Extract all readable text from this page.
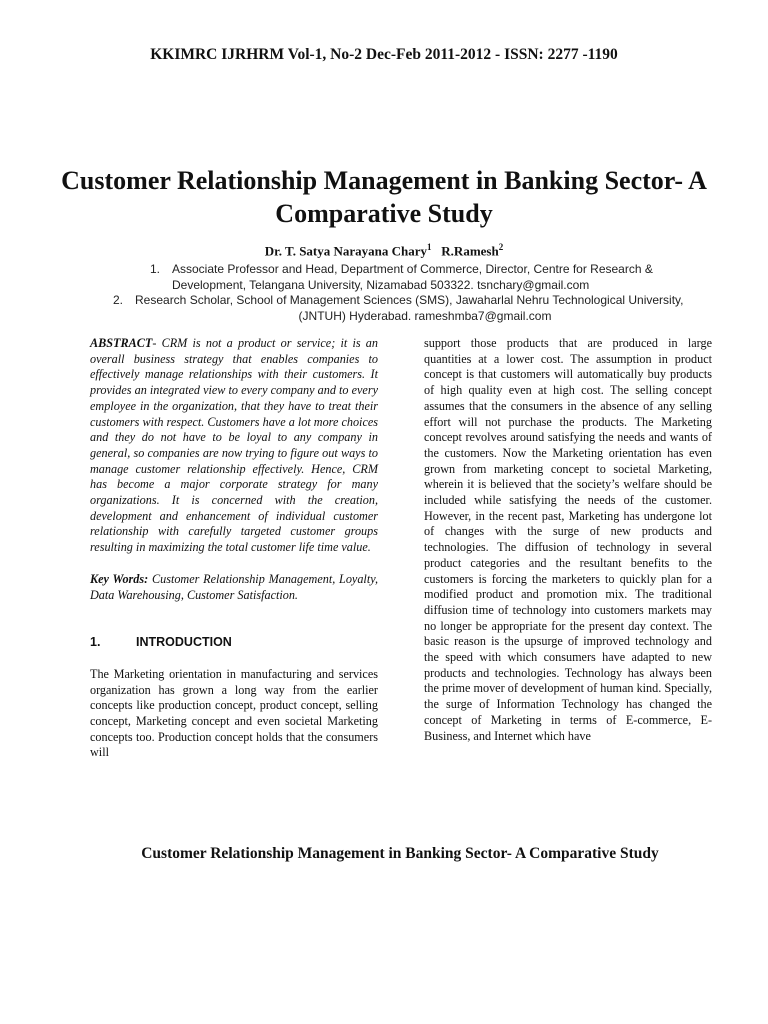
KKIMRC IJRHRM Vol-1, No-2 Dec-Feb 2011-2012 - ISSN: 2277 -1190
Customer Relationship Management in Banking Sector- A Comparative Study
Dr. T. Satya Narayana Chary$^1$ R.Ramesh$^2$
1. Associate Professor and Head, Department of Commerce, Director, Centre for Research &
Development, Telangana University, Nizamabad 503322. tsnchary@gmail.com
2. Research Scholar, School of Management Sciences (SMS), Jawaharlal Nehru Technological University,
(JNTUH) Hyderabad. rameshmba7@gmail.com

ABSTRACT- CRM is not a product or service; it is an overall business strategy that enables companies to effectively manage relationships with their customers. It provides an integrated view to every company and to every employee in the organization, that they have to treat their customers with respect. Customers have a lot more choices and they do not have to be loyal to any company in general, so companies are now trying to figure out ways to manage customer relationship effectively. Hence, CRM has become a major corporate strategy for many organizations. It is concerned with the creation, development and enhancement of individual customer relationship with carefully targeted customer groups resulting in maximizing the total customer life time value.

Key Words: Customer Relationship Management, Loyalty, Data Warehousing, Customer Satisfaction.

1.	INTRODUCTION

The Marketing orientation in manufacturing and services organization has grown a long way from the earlier concepts like production concept, product concept, selling concept, Marketing concept and even societal Marketing concepts too. Production concept holds that the consumers will

support those products that are produced in large quantities at a lower cost. The assumption in product concept is that customers will automatically buy products of high quality even at high cost. The selling concept assumes that the consumers in the absence of any selling effort will not purchase the products. The Marketing concept revolves around satisfying the needs and wants of the customers. Now the Marketing orientation has even grown from marketing concept to societal Marketing, wherein it is believed that the society’s welfare should be included while satisfying the needs of the customer. However, in the recent past, Marketing has undergone lot of changes with the surge of new products and technologies. The diffusion of technology in several product categories and the resultant benefits to the customers is forcing the marketers to quickly plan for a modified product and promotion mix. The traditional diffusion time of technology into customers markets may no longer be appropriate for the present day context. The basic reason is the upsurge of improved technology and the speed with which consumers have adapted to new products and technologies. Technology has always been the prime mover of development of human kind. Specially, the surge of Information Technology has changed the concept of Marketing in terms of E-commerce, E-Business, and Internet which have

Customer Relationship Management in Banking Sector- A Comparative Study
